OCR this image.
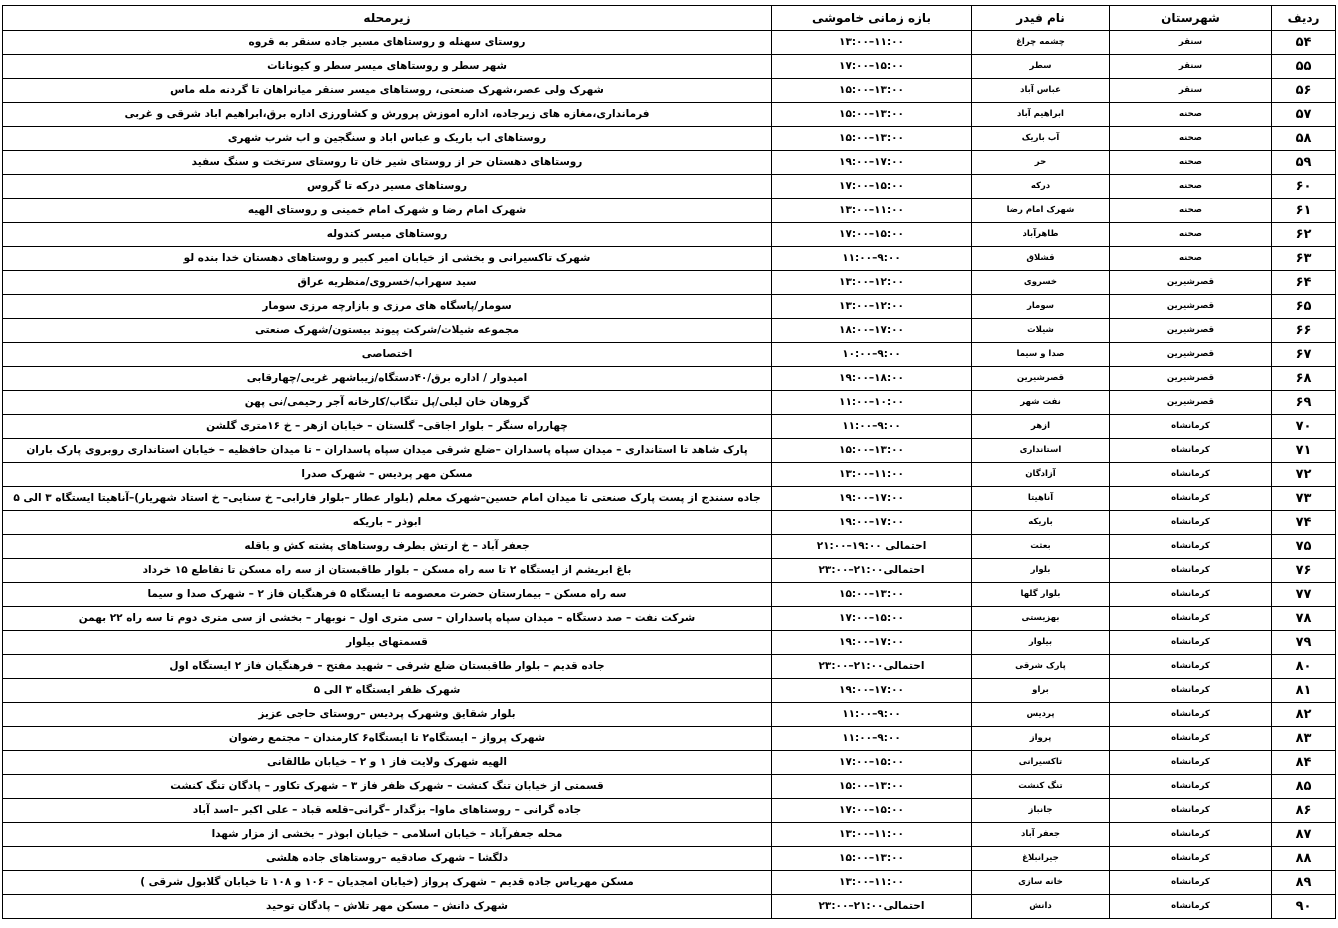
ردیف	شهرستان	نام فیدر	بازه زمانی خاموشی	زیرمحله
۵۴	سنقر	چشمه چراغ	۱۱:۰۰–۱۳:۰۰	روستای سهنله و روستاهای مسیر جاده سنقر به قروه
۵۵	سنقر	سطر	۱۵:۰۰–۱۷:۰۰	شهر سطر و روستاهای میسر سطر و کیونانات
۵۶	سنقر	عباس آباد	۱۳:۰۰–۱۵:۰۰	شهرک ولی عصر،شهرک صنعتی، روستاهای میسر سنقر میانراهان تا گردنه مله ماس
۵۷	صحنه	ابراهیم آباد	۱۳:۰۰–۱۵:۰۰	فرمانداری،مغازه های زیرجاده، اداره اموزش پرورش و کشاورزی اداره برق،ابراهیم اباد شرقی و غربی
۵۸	صحنه	آب باریک	۱۳:۰۰–۱۵:۰۰	روستاهای اب باریک و عباس اباد و سنگجین و اب شرب شهری
۵۹	صحنه	حر	۱۷:۰۰–۱۹:۰۰	روستاهای دهستان حر از روستای شیر خان تا روستای سرتخت و سنگ سفید
۶۰	صحنه	درکه	۱۵:۰۰–۱۷:۰۰	روستاهای مسیر درکه تا گروس
۶۱	صحنه	شهرک امام رضا	۱۱:۰۰–۱۳:۰۰	شهرک امام رضا و شهرک امام خمینی و روستای الهیه
۶۲	صحنه	طاهرآباد	۱۵:۰۰–۱۷:۰۰	روستاهای میسر کندوله
۶۳	صحنه	قشلاق	۹:۰۰–۱۱:۰۰	شهرک تاکسیرانی و بخشی از خیابان امیر کبیر و روستاهای دهستان خدا بنده لو
۶۴	قصرشیرین	خسروی	۱۲:۰۰–۱۳:۰۰	سید سهراب/خسروی/منظریه عراق
۶۵	قصرشیرین	سومار	۱۲:۰۰–۱۳:۰۰	سومار/پاسگاه های مرزی و بازارچه مرزی سومار
۶۶	قصرشیرین	شیلات	۱۷:۰۰–۱۸:۰۰	مجموعه شیلات/شرکت پیوند بیستون/شهرک صنعتی
۶۷	قصرشیرین	صدا و سیما	۹:۰۰–۱۰:۰۰	اختصاصی
۶۸	قصرشیرین	قصرشیرین	۱۸:۰۰–۱۹:۰۰	امیدوار / اداره برق/۴۰دستگاه/زیباشهر غربی/چهارقابی
۶۹	قصرشیرین	نفت شهر	۱۰:۰۰–۱۱:۰۰	گروهان خان لیلی/پل تنگاب/کارخانه آجر رحیمی/نی پهن
۷۰	کرمانشاه	ازهر	۹:۰۰–۱۱:۰۰	چهارراه سنگر – بلوار اجاقی– گلستان – خیابان ازهر – خ ۱۶متری گلشن
۷۱	کرمانشاه	استانداری	۱۳:۰۰–۱۵:۰۰	پارک شاهد تا استانداری – میدان سپاه پاسداران –ضلع شرقی میدان سپاه پاسداران – تا میدان حافظیه – خیابان استانداری روبروی پارک باران
۷۲	کرمانشاه	آزادگان	۱۱:۰۰–۱۳:۰۰	مسکن مهر پردیس – شهرک صدرا
۷۳	کرمانشاه	آناهیتا	۱۷:۰۰–۱۹:۰۰	جاده سنندج از پست پارک صنعتی تا میدان امام حسین–شهرک معلم (بلوار عطار –بلوار فارابی– خ سنایی– خ استاد شهریار)–آناهیتا ایستگاه ۳ الی ۵
۷۴	کرمانشاه	باریکه	۱۷:۰۰–۱۹:۰۰	ابوذر – باریکه
۷۵	کرمانشاه	بعثت	احتمالی ۱۹:۰۰–۲۱:۰۰	جعفر آباد – خ ارتش بطرف روستاهای پشته کش و باقله
۷۶	کرمانشاه	بلوار	احتمالی۲۱:۰۰–۲۳:۰۰	باغ ابریشم از ایستگاه ۲ تا سه راه مسکن – بلوار طاقبستان از سه راه مسکن تا تقاطع ۱۵ خرداد
۷۷	کرمانشاه	بلوار گلها	۱۳:۰۰–۱۵:۰۰	سه راه مسکن – بیمارستان حضرت معصومه تا ایستگاه ۵ فرهنگیان فاز ۲ – شهرک صدا و سیما
۷۸	کرمانشاه	بهزیستی	۱۵:۰۰–۱۷:۰۰	شرکت نفت – صد دستگاه – میدان سپاه پاسداران – سی متری اول – نوبهار – بخشی از سی متری دوم تا سه راه ۲۲ بهمن
۷۹	کرمانشاه	بیلوار	۱۷:۰۰–۱۹:۰۰	قسمتهای بیلوار
۸۰	کرمانشاه	پارک شرقی	احتمالی۲۱:۰۰–۲۳:۰۰	جاده قدیم – بلوار طاقبستان ضلع شرقی – شهید مفتح – فرهنگیان فاز ۲ ایستگاه اول
۸۱	کرمانشاه	براو	۱۷:۰۰–۱۹:۰۰	شهرک ظفر ایستگاه ۳ الی ۵
۸۲	کرمانشاه	پردیس	۹:۰۰–۱۱:۰۰	بلوار شقایق وشهرک پردیس –روستای حاجی عزیز
۸۳	کرمانشاه	پرواز	۹:۰۰–۱۱:۰۰	شهرک پرواز – ایستگاه۲ تا ایستگاه۶ کارمندان – مجتمع رضوان
۸۴	کرمانشاه	تاکسیرانی	۱۵:۰۰–۱۷:۰۰	الهیه شهرک ولایت فاز ۱ و ۲ – خیابان طالقانی
۸۵	کرمانشاه	تنگ کنشت	۱۳:۰۰–۱۵:۰۰	قسمتی از خیابان تنگ کنشت – شهرک ظفر فاز ۳ – شهرک تکاور – پادگان تنگ کنشت
۸۶	کرمانشاه	جانباز	۱۵:۰۰–۱۷:۰۰	جاده گرانی – روستاهای ماوا– بزگدار –گرانی–قلعه قباد – علی اکبر –اسد آباد
۸۷	کرمانشاه	جعفر آباد	۱۱:۰۰–۱۳:۰۰	محله جعفرآباد – خیابان اسلامی – خیابان ابوذر – بخشی از مزار شهدا
۸۸	کرمانشاه	جیرانبلاغ	۱۳:۰۰–۱۵:۰۰	دلگشا – شهرک صادقیه –روستاهای جاده هلشی
۸۹	کرمانشاه	خانه سازی	۱۱:۰۰–۱۳:۰۰	مسکن مهریاس جاده قدیم – شهرک پرواز (خیابان امجدیان – ۱۰۶ و ۱۰۸ تا خیابان گلابول شرقی )
۹۰	کرمانشاه	دانش	احتمالی۲۱:۰۰–۲۳:۰۰	شهرک دانش – مسکن مهر تلاش – پادگان توحید
